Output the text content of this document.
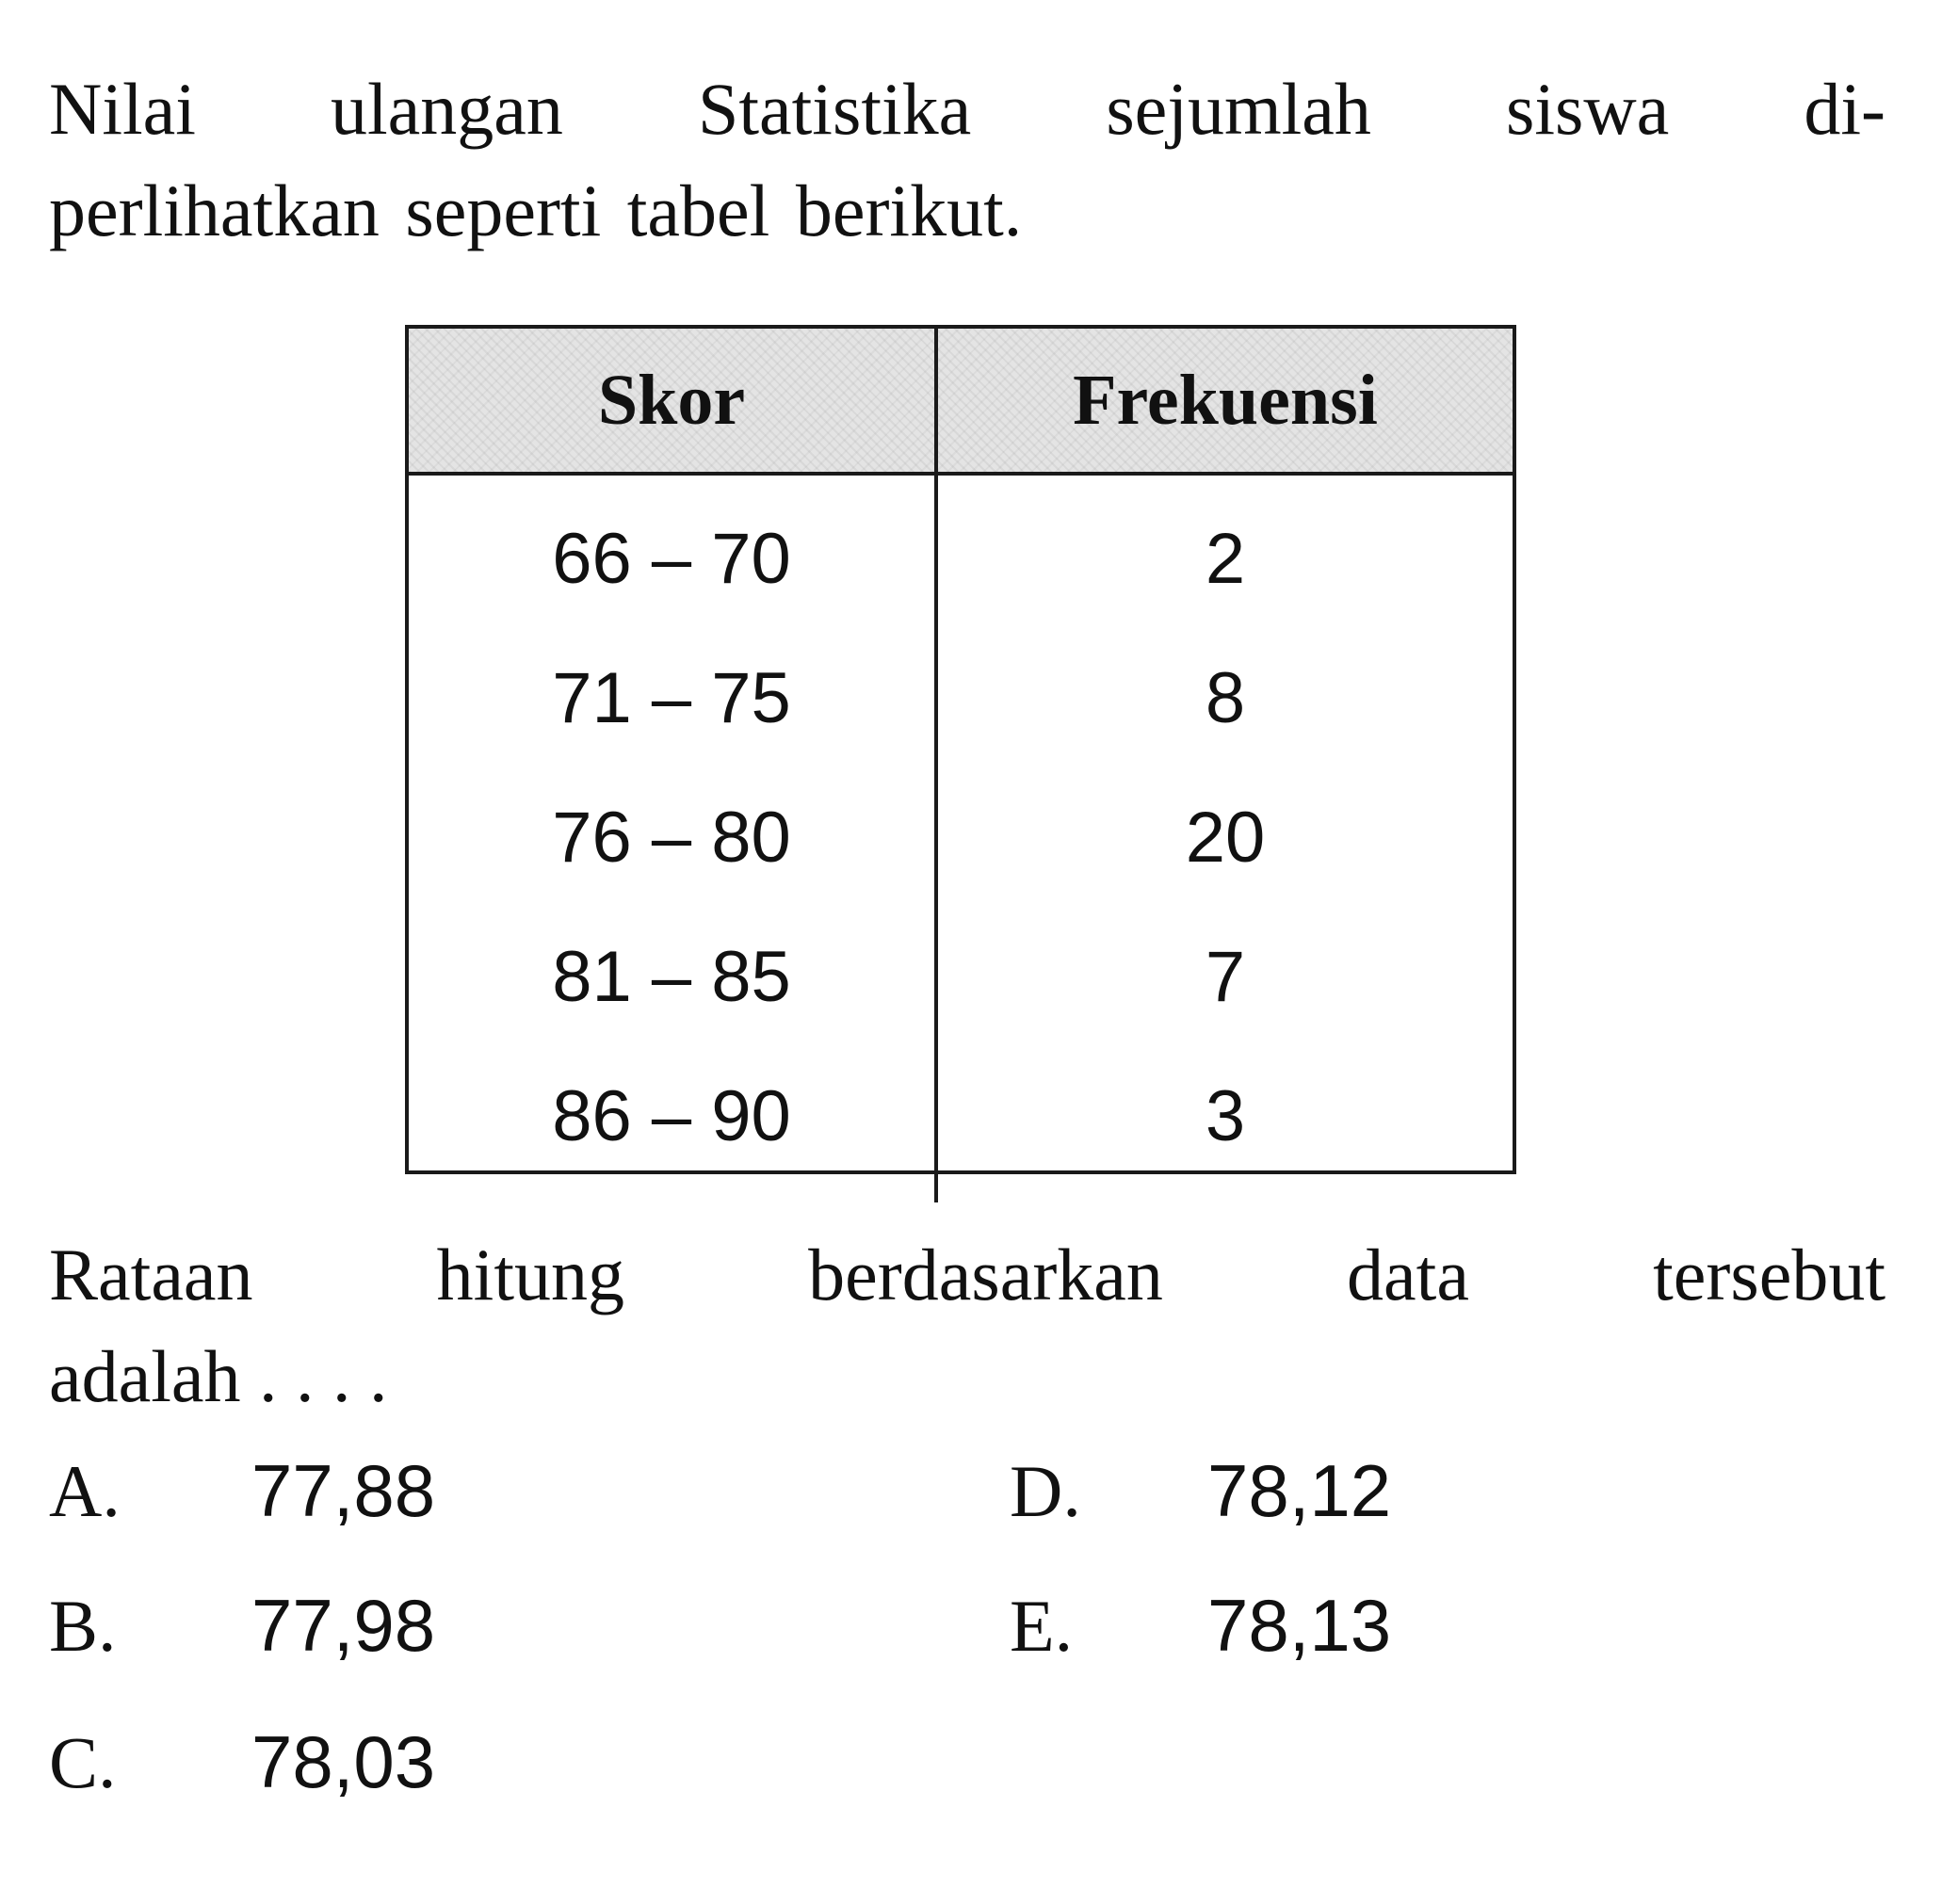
Nilai ulangan Statistika sejumlah siswa di-
perlihatkan seperti tabel berikut.

Skor	Frekuensi
66 – 70	2
71 – 75	8
76 – 80	20
81 – 85	7
86 – 90	3

Rataan hitung berdasarkan data tersebut
adalah . . . .

A. 77,88
B. 77,98
C. 78,03
D. 78,12
E. 78,13
